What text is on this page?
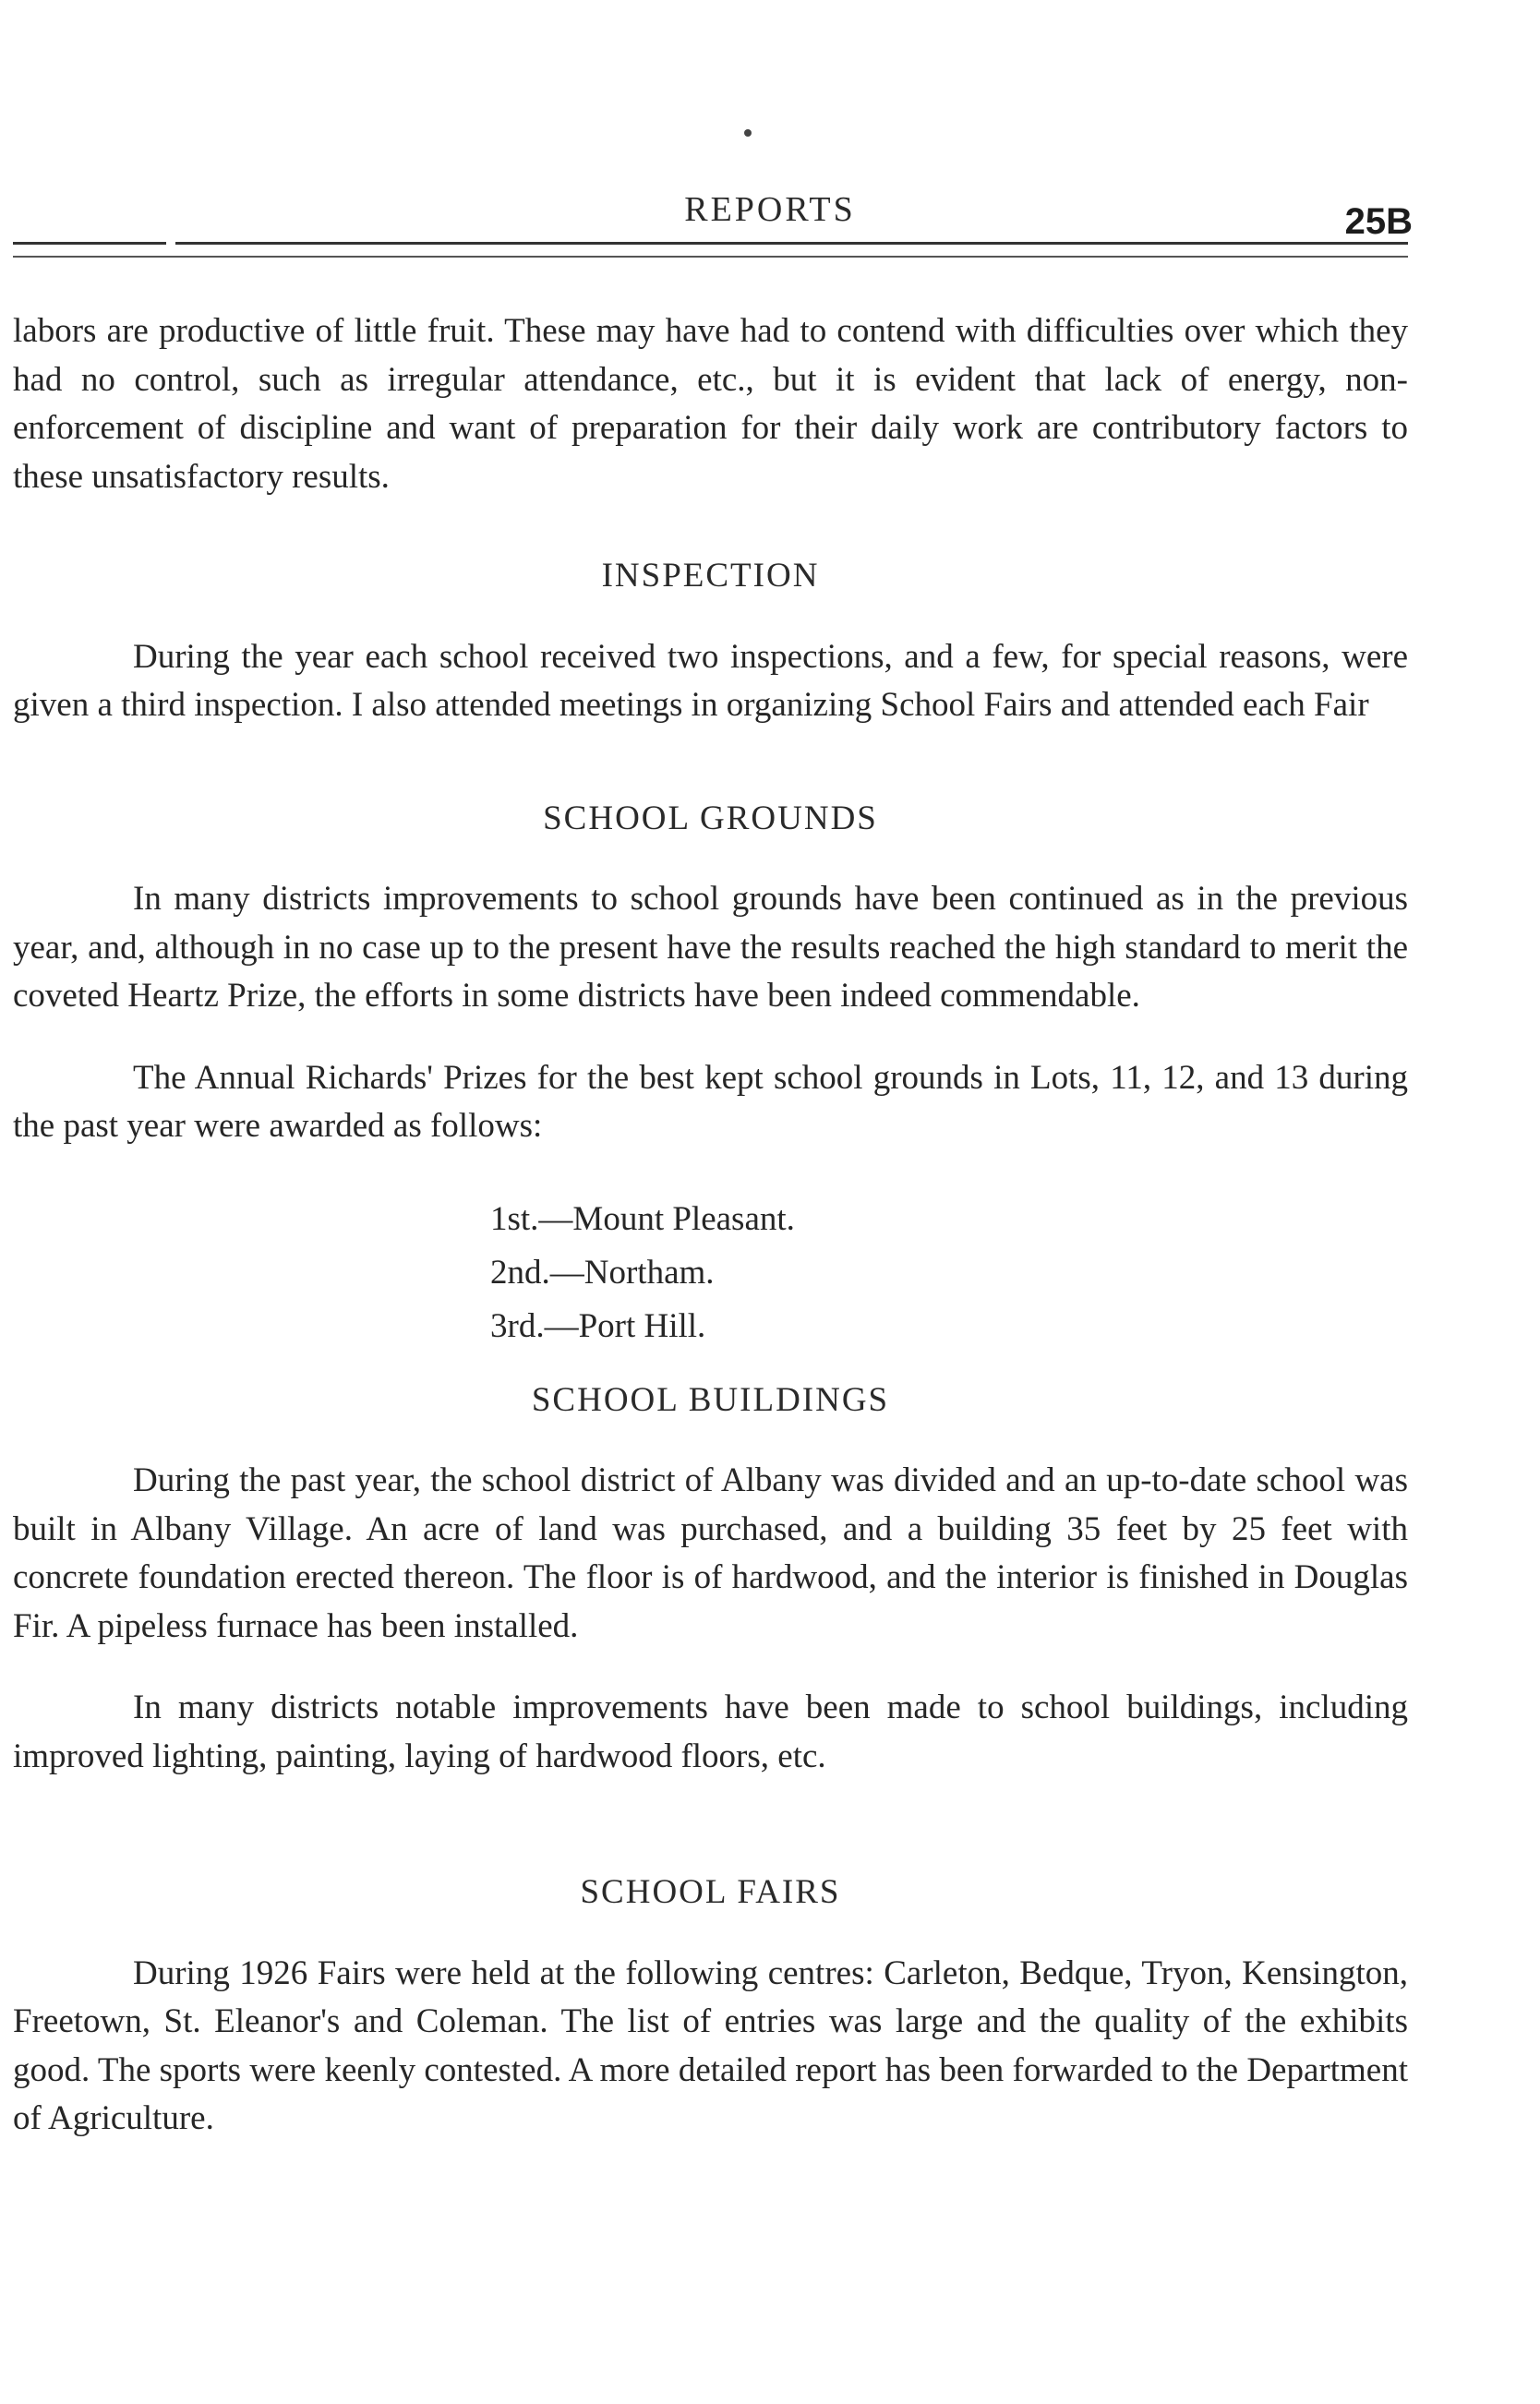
REPORTS	25B

labors are productive of little fruit. These may have had to contend with difficulties over which they had no control, such as irregular attendance, etc., but it is evident that lack of energy, non-enforcement of discipline and want of preparation for their daily work are contributory factors to these unsatisfactory results.

INSPECTION

During the year each school received two inspections, and a few, for special reasons, were given a third inspection. I also attended meetings in organizing School Fairs and attended each Fair

SCHOOL GROUNDS

In many districts improvements to school grounds have been continued as in the previous year, and, although in no case up to the present have the results reached the high standard to merit the coveted Heartz Prize, the efforts in some districts have been indeed commendable.

The Annual Richards' Prizes for the best kept school grounds in Lots, 11, 12, and 13 during the past year were awarded as follows:

1st.—Mount Pleasant.
2nd.—Northam.
3rd.—Port Hill.
SCHOOL BUILDINGS

During the past year, the school district of Albany was divided and an up-to-date school was built in Albany Village. An acre of land was purchased, and a building 35 feet by 25 feet with concrete foundation erected thereon. The floor is of hardwood, and the interior is finished in Douglas Fir. A pipeless furnace has been installed.

In many districts notable improvements have been made to school buildings, including improved lighting, painting, laying of hardwood floors, etc.

SCHOOL FAIRS

During 1926 Fairs were held at the following centres: Carleton, Bedque, Tryon, Kensington, Freetown, St. Eleanor's and Coleman. The list of entries was large and the quality of the exhibits good. The sports were keenly contested. A more detailed report has been forwarded to the Department of Agriculture.
